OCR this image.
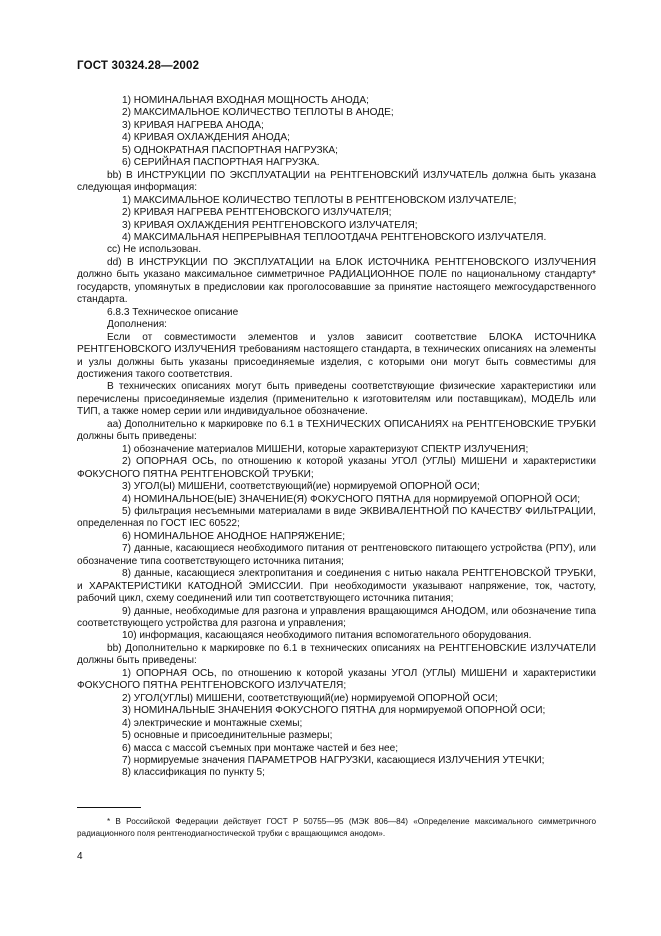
ГОСТ 30324.28—2002

1) НОМИНАЛЬНАЯ ВХОДНАЯ МОЩНОСТЬ АНОДА;

2) МАКСИМАЛЬНОЕ КОЛИЧЕСТВО ТЕПЛОТЫ В АНОДЕ;

3) КРИВАЯ НАГРЕВА АНОДА;

4) КРИВАЯ ОХЛАЖДЕНИЯ АНОДА;

5) ОДНОКРАТНАЯ ПАСПОРТНАЯ НАГРУЗКА;

6) СЕРИЙНАЯ ПАСПОРТНАЯ НАГРУЗКА.

bb) В ИНСТРУКЦИИ ПО ЭКСПЛУАТАЦИИ на РЕНТГЕНОВСКИЙ ИЗЛУЧАТЕЛЬ должна быть указана следующая информация:

1) МАКСИМАЛЬНОЕ КОЛИЧЕСТВО ТЕПЛОТЫ В РЕНТГЕНОВСКОМ ИЗЛУЧАТЕЛЕ;

2) КРИВАЯ НАГРЕВА РЕНТГЕНОВСКОГО ИЗЛУЧАТЕЛЯ;

3) КРИВАЯ ОХЛАЖДЕНИЯ РЕНТГЕНОВСКОГО ИЗЛУЧАТЕЛЯ;

4) МАКСИМАЛЬНАЯ НЕПРЕРЫВНАЯ ТЕПЛООТДАЧА РЕНТГЕНОВСКОГО ИЗЛУЧАТЕЛЯ.

cc) Не использован.

dd) В ИНСТРУКЦИИ ПО ЭКСПЛУАТАЦИИ на БЛОК ИСТОЧНИКА РЕНТГЕНОВСКОГО ИЗЛУЧЕНИЯ должно быть указано максимальное симметричное РАДИАЦИОННОЕ ПОЛЕ по национальному стандарту* государств, упомянутых в предисловии как проголосовавшие за принятие настоящего межгосударственного стандарта.

6.8.3 Техническое описание

Дополнения:

Если от совместимости элементов и узлов зависит соответствие БЛОКА ИСТОЧНИКА РЕНТГЕНОВСКОГО ИЗЛУЧЕНИЯ требованиям настоящего стандарта, в технических описаниях на элементы и узлы должны быть указаны присоединяемые изделия, с которыми они могут быть совместимы для достижения такого соответствия.

В технических описаниях могут быть приведены соответствующие физические характеристики или перечислены присоединяемые изделия (применительно к изготовителям или поставщикам), МОДЕЛЬ или ТИП, а также номер серии или индивидуальное обозначение.

aa) Дополнительно к маркировке по 6.1 в ТЕХНИЧЕСКИХ ОПИСАНИЯХ на РЕНТГЕНОВСКИЕ ТРУБКИ должны быть приведены:

1) обозначение материалов МИШЕНИ, которые характеризуют СПЕКТР ИЗЛУЧЕНИЯ;

2) ОПОРНАЯ ОСЬ, по отношению к которой указаны УГОЛ (УГЛЫ) МИШЕНИ и характеристики ФОКУСНОГО ПЯТНА РЕНТГЕНОВСКОЙ ТРУБКИ;

3) УГОЛ(Ы) МИШЕНИ, соответствующий(ие) нормируемой ОПОРНОЙ ОСИ;

4) НОМИНАЛЬНОЕ(ЫЕ) ЗНАЧЕНИЕ(Я) ФОКУСНОГО ПЯТНА для нормируемой ОПОРНОЙ ОСИ;

5) фильтрация несъемными материалами в виде ЭКВИВАЛЕНТНОЙ ПО КАЧЕСТВУ ФИЛЬТРАЦИИ, определенная по ГОСТ IEC 60522;

6) НОМИНАЛЬНОЕ АНОДНОЕ НАПРЯЖЕНИЕ;

7) данные, касающиеся необходимого питания от рентгеновского питающего устройства (РПУ), или обозначение типа соответствующего источника питания;

8) данные, касающиеся электропитания и соединения с нитью накала РЕНТГЕНОВСКОЙ ТРУБКИ, и ХАРАКТЕРИСТИКИ КАТОДНОЙ ЭМИССИИ. При необходимости указывают напряжение, ток, частоту, рабочий цикл, схему соединений или тип соответствующего источника питания;

9) данные, необходимые для разгона и управления вращающимся АНОДОМ, или обозначение типа соответствующего устройства для разгона и управления;

10) информация, касающаяся необходимого питания вспомогательного оборудования.

bb) Дополнительно к маркировке по 6.1 в технических описаниях на РЕНТГЕНОВСКИЕ ИЗЛУЧАТЕЛИ должны быть приведены:

1) ОПОРНАЯ ОСЬ, по отношению к которой указаны УГОЛ (УГЛЫ) МИШЕНИ и характеристики ФОКУСНОГО ПЯТНА РЕНТГЕНОВСКОГО ИЗЛУЧАТЕЛЯ;

2) УГОЛ(УГЛЫ) МИШЕНИ, соответствующий(ие) нормируемой ОПОРНОЙ ОСИ;

3) НОМИНАЛЬНЫЕ ЗНАЧЕНИЯ ФОКУСНОГО ПЯТНА для нормируемой ОПОРНОЙ ОСИ;

4) электрические и монтажные схемы;

5) основные и присоединительные размеры;

6) масса с массой съемных при монтаже частей и без нее;

7) нормируемые значения ПАРАМЕТРОВ НАГРУЗКИ, касающиеся ИЗЛУЧЕНИЯ УТЕЧКИ;

8) классификация по пункту 5;

* В Российской Федерации действует ГОСТ Р 50755—95 (МЭК 806—84) «Определение максимального симметричного радиационного поля рентгенодиагностической трубки с вращающимся анодом».
4
